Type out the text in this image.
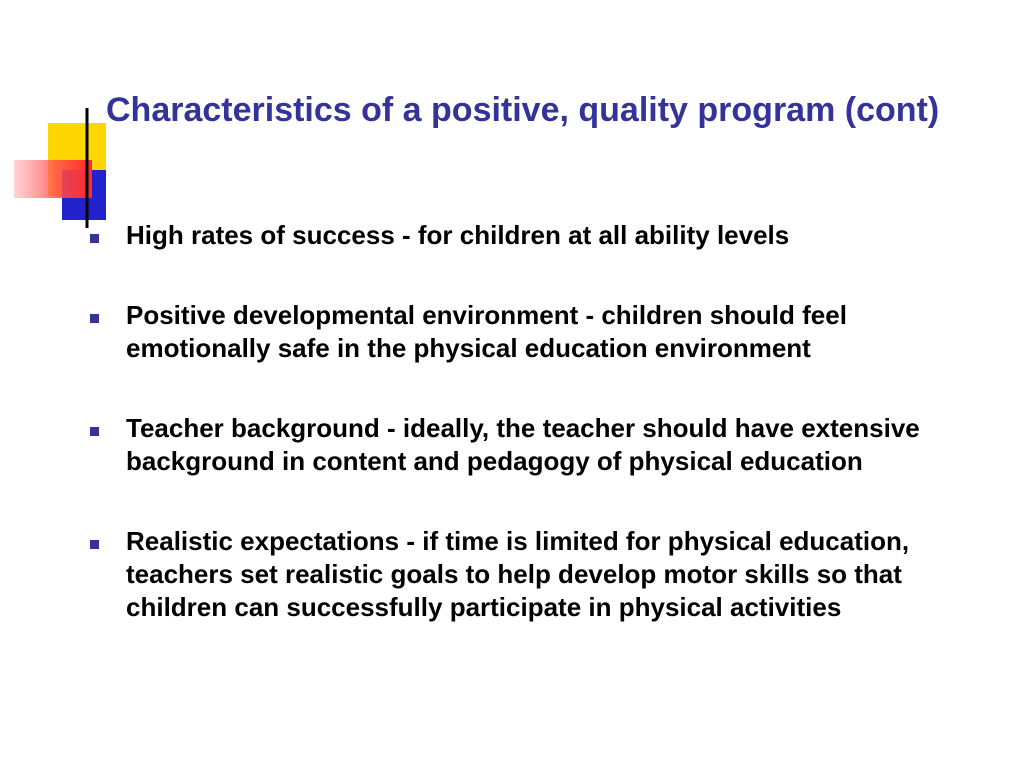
Characteristics of a positive, quality program (cont)
High rates of success - for children at all ability levels
Positive developmental environment - children should feel emotionally safe in the physical education environment
Teacher background - ideally, the teacher should have extensive background in content and pedagogy of physical education
Realistic expectations - if time is limited for physical education, teachers set realistic goals to help develop motor skills so that children can successfully participate in physical activities
